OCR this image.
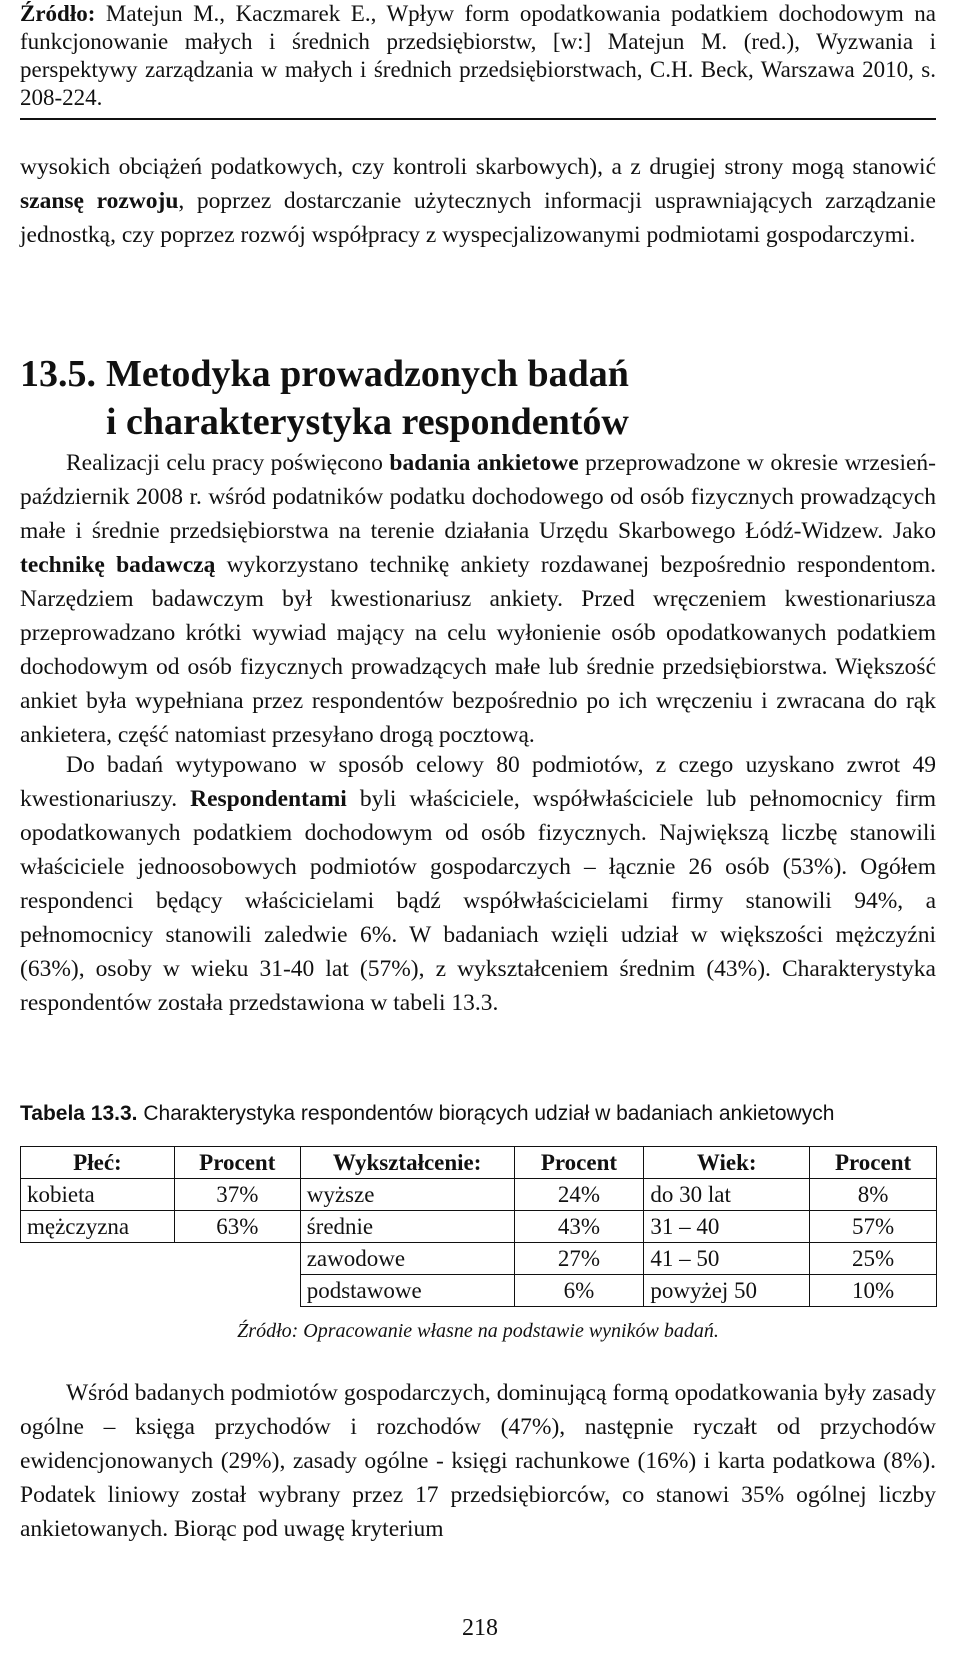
Źródło: Matejun M., Kaczmarek E., Wpływ form opodatkowania podatkiem dochodowym na funkcjonowanie małych i średnich przedsiębiorstw, [w:] Matejun M. (red.), Wyzwania i perspektywy zarządzania w małych i średnich przedsiębiorstwach, C.H. Beck, Warszawa 2010, s. 208-224.

wysokich obciążeń podatkowych, czy kontroli skarbowych), a z drugiej strony mogą stanowić szansę rozwoju, poprzez dostarczanie użytecznych informacji usprawniających zarządzanie jednostką, czy poprzez rozwój współpracy z wyspecjalizowanymi podmiotami gospodarczymi.

13.5. Metodyka prowadzonych badań
i charakterystyka respondentów

Realizacji celu pracy poświęcono badania ankietowe przeprowadzone w okresie wrzesień-październik 2008 r. wśród podatników podatku dochodowego od osób fizycznych prowadzących małe i średnie przedsiębiorstwa na terenie działania Urzędu Skarbowego Łódź-Widzew. Jako technikę badawczą wykorzystano technikę ankiety rozdawanej bezpośrednio respondentom. Narzędziem badawczym był kwestionariusz ankiety. Przed wręczeniem kwestionariusza przeprowadzano krótki wywiad mający na celu wyłonienie osób opodatkowanych podatkiem dochodowym od osób fizycznych prowadzących małe lub średnie przedsiębiorstwa. Większość ankiet była wypełniana przez respondentów bezpośrednio po ich wręczeniu i zwracana do rąk ankietera, część natomiast przesyłano drogą pocztową.

Do badań wytypowano w sposób celowy 80 podmiotów, z czego uzyskano zwrot 49 kwestionariuszy. Respondentami byli właściciele, współwłaściciele lub pełnomocnicy firm opodatkowanych podatkiem dochodowym od osób fizycznych. Największą liczbę stanowili właściciele jednoosobowych podmiotów gospodarczych – łącznie 26 osób (53%). Ogółem respondenci będący właścicielami bądź współwłaścicielami firmy stanowili 94%, a pełnomocnicy stanowili zaledwie 6%. W badaniach wzięli udział w większości mężczyźni (63%), osoby w wieku 31-40 lat (57%), z wykształceniem średnim (43%). Charakterystyka respondentów została przedstawiona w tabeli 13.3.

Tabela 13.3. Charakterystyka respondentów biorących udział w badaniach ankietowych
Płeć:	Procent	Wykształcenie:	Procent	Wiek:	Procent
kobieta	37%	wyższe	24%	do 30 lat	8%
mężczyzna	63%	średnie	43%	31 – 40	57%
		zawodowe	27%	41 – 50	25%
		podstawowe	6%	powyżej 50	10%
Źródło: Opracowanie własne na podstawie wyników badań.

Wśród badanych podmiotów gospodarczych, dominującą formą opodatkowania były zasady ogólne – księga przychodów i rozchodów (47%), następnie ryczałt od przychodów ewidencjonowanych (29%), zasady ogólne - księgi rachunkowe (16%) i karta podatkowa (8%). Podatek liniowy został wybrany przez 17 przedsiębiorców, co stanowi 35% ogólnej liczby ankietowanych. Biorąc pod uwagę kryterium

218
